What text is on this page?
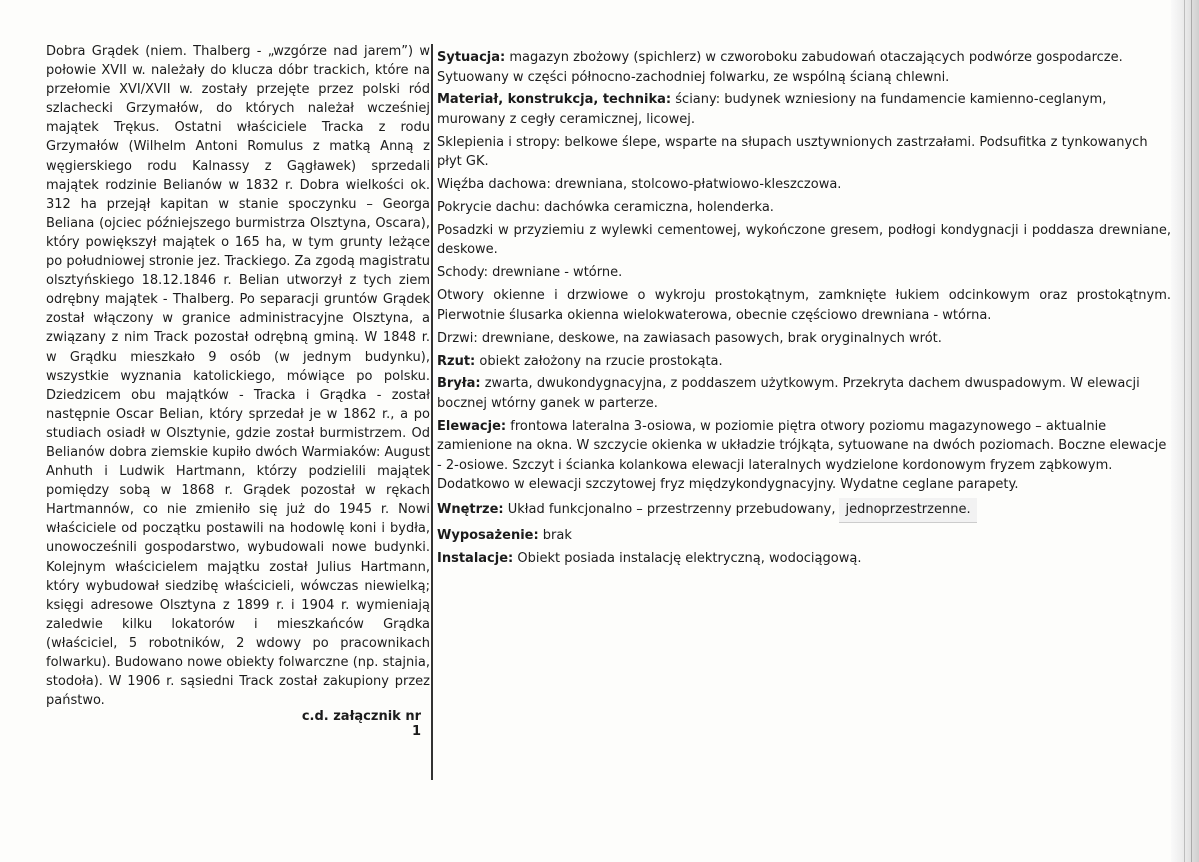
Dobra Grądek (niem. Thalberg - „wzgórze nad jarem”) w połowie XVII w. należały do klucza dóbr trackich, które na przełomie XVI/XVII w. zostały przejęte przez polski ród szlachecki Grzymałów, do których należał wcześniej majątek Trękus. Ostatni właściciele Tracka z rodu Grzymałów (Wilhelm Antoni Romulus z matką Anną z węgierskiego rodu Kalnassy z Gągławek) sprzedali majątek rodzinie Belianów w 1832 r. Dobra wielkości ok. 312 ha przejął kapitan w stanie spoczynku – Georga Beliana (ojciec późniejszego burmistrza Olsztyna, Oscara), który powiększył majątek o 165 ha, w tym grunty leżące po południowej stronie jez. Trackiego. Za zgodą magistratu olsztyńskiego 18.12.1846 r. Belian utworzył z tych ziem odrębny majątek - Thalberg. Po separacji gruntów Grądek został włączony w granice administracyjne Olsztyna, a związany z nim Track pozostał odrębną gminą. W 1848 r. w Grądku mieszkało 9 osób (w jednym budynku), wszystkie wyznania katolickiego, mówiące po polsku. Dziedzicem obu majątków - Tracka i Grądka - został następnie Oscar Belian, który sprzedał je w 1862 r., a po studiach osiadł w Olsztynie, gdzie został burmistrzem. Od Belianów dobra ziemskie kupiło dwóch Warmiaków: August Anhuth i Ludwik Hartmann, którzy podzielili majątek pomiędzy sobą w 1868 r. Grądek pozostał w rękach Hartmannów, co nie zmieniło się już do 1945 r. Nowi właściciele od początku postawili na hodowlę koni i bydła, unowocześnili gospodarstwo, wybudowali nowe budynki. Kolejnym właścicielem majątku został Julius Hartmann, który wybudował siedzibę właścicieli, wówczas niewielką; księgi adresowe Olsztyna z 1899 r. i 1904 r. wymieniają zaledwie kilku lokatorów i mieszkańców Grądka (właściciel, 5 robotników, 2 wdowy po pracownikach folwarku). Budowano nowe obiekty folwarczne (np. stajnia, stodoła). W 1906 r. sąsiedni Track został zakupiony przez państwo.

c.d. załącznik nr 1

Sytuacja: magazyn zbożowy (spichlerz) w czworoboku zabudowań otaczających podwórze gospodarcze. Sytuowany w części północno-zachodniej folwarku, ze wspólną ścianą chlewni.

Materiał, konstrukcja, technika: ściany: budynek wzniesiony na fundamencie kamienno-ceglanym, murowany z cegły ceramicznej, licowej.

Sklepienia i stropy: belkowe ślepe, wsparte na słupach usztywnionych zastrzałami. Podsufitka z tynkowanych płyt GK.

Więźba dachowa: drewniana, stolcowo-płatwiowo-kleszczowa.

Pokrycie dachu: dachówka ceramiczna, holenderka.

Posadzki w przyziemiu z wylewki cementowej, wykończone gresem, podłogi kondygnacji i poddasza drewniane, deskowe.

Schody: drewniane - wtórne.

Otwory okienne i drzwiowe o wykroju prostokątnym, zamknięte łukiem odcinkowym oraz prostokątnym. Pierwotnie ślusarka okienna wielokwaterowa, obecnie częściowo drewniana - wtórna.

Drzwi: drewniane, deskowe, na zawiasach pasowych, brak oryginalnych wrót.

Rzut: obiekt założony na rzucie prostokąta.

Bryła: zwarta, dwukondygnacyjna, z poddaszem użytkowym. Przekryta dachem dwuspadowym. W elewacji bocznej wtórny ganek w parterze.

Elewacje: frontowa lateralna 3-osiowa, w poziomie piętra otwory poziomu magazynowego – aktualnie zamienione na okna. W szczycie okienka w układzie trójkąta, sytuowane na dwóch poziomach. Boczne elewacje - 2-osiowe. Szczyt i ścianka kolankowa elewacji lateralnych wydzielone kordonowym fryzem ząbkowym. Dodatkowo w elewacji szczytowej fryz międzykondygnacyjny. Wydatne ceglane parapety.

Wnętrze: Układ funkcjonalno – przestrzenny przebudowany, jednoprzestrzenne.

Wyposażenie: brak

Instalacje: Obiekt posiada instalację elektryczną, wodociągową.
